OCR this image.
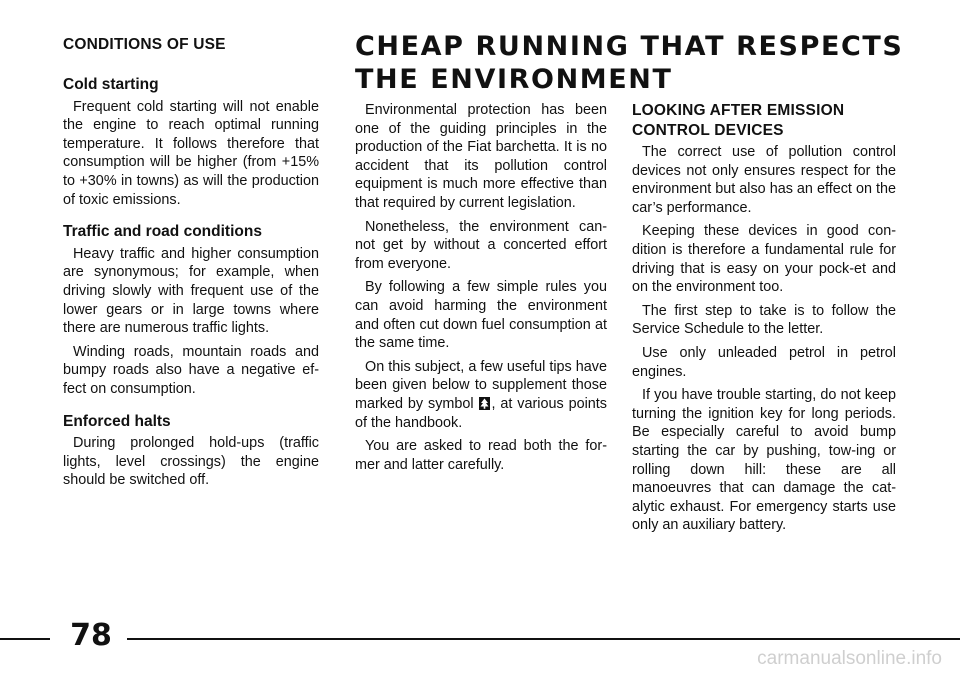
CONDITIONS OF USE
Cold starting

Frequent cold starting will not enable the engine to reach optimal running temperature. It follows therefore that consumption will be higher (from +15% to +30% in towns) as will the production of toxic emissions.

Traffic and road conditions

Heavy traffic and higher consumption are synonymous; for example, when driving slowly with frequent use of the lower gears or in large towns where there are numerous traffic lights.

Winding roads, mountain roads and bumpy roads also have a negative ef-fect on consumption.

Enforced halts

During prolonged hold-ups (traffic lights, level crossings) the engine should be switched off.

CHEAP RUNNING THAT RESPECTS
THE ENVIRONMENT

Environmental protection has been one of the guiding principles in the production of the Fiat barchetta. It is no accident that its pollution control equipment is much more effective than that required by current legislation.

Nonetheless, the environment can-not get by without a concerted effort from everyone.

By following a few simple rules you can avoid harming the environment and often cut down fuel consumption at the same time.

On this subject, a few useful tips have been given below to supplement those marked by symbol , at various points of the handbook.

You are asked to read both the for-mer and latter carefully.

LOOKING AFTER EMISSION
CONTROL DEVICES

The correct use of pollution control devices not only ensures respect for the environment but also has an effect on the car’s performance.

Keeping these devices in good con-dition is therefore a fundamental rule for driving that is easy on your pock-et and on the environment too.

The first step to take is to follow the Service Schedule to the letter.

Use only unleaded petrol in petrol engines.

If you have trouble starting, do not keep turning the ignition key for long periods. Be especially careful to avoid bump starting the car by pushing, tow-ing or rolling down hill: these are all manoeuvres that can damage the cat-alytic exhaust. For emergency starts use only an auxiliary battery.

78
carmanualsonline.info
